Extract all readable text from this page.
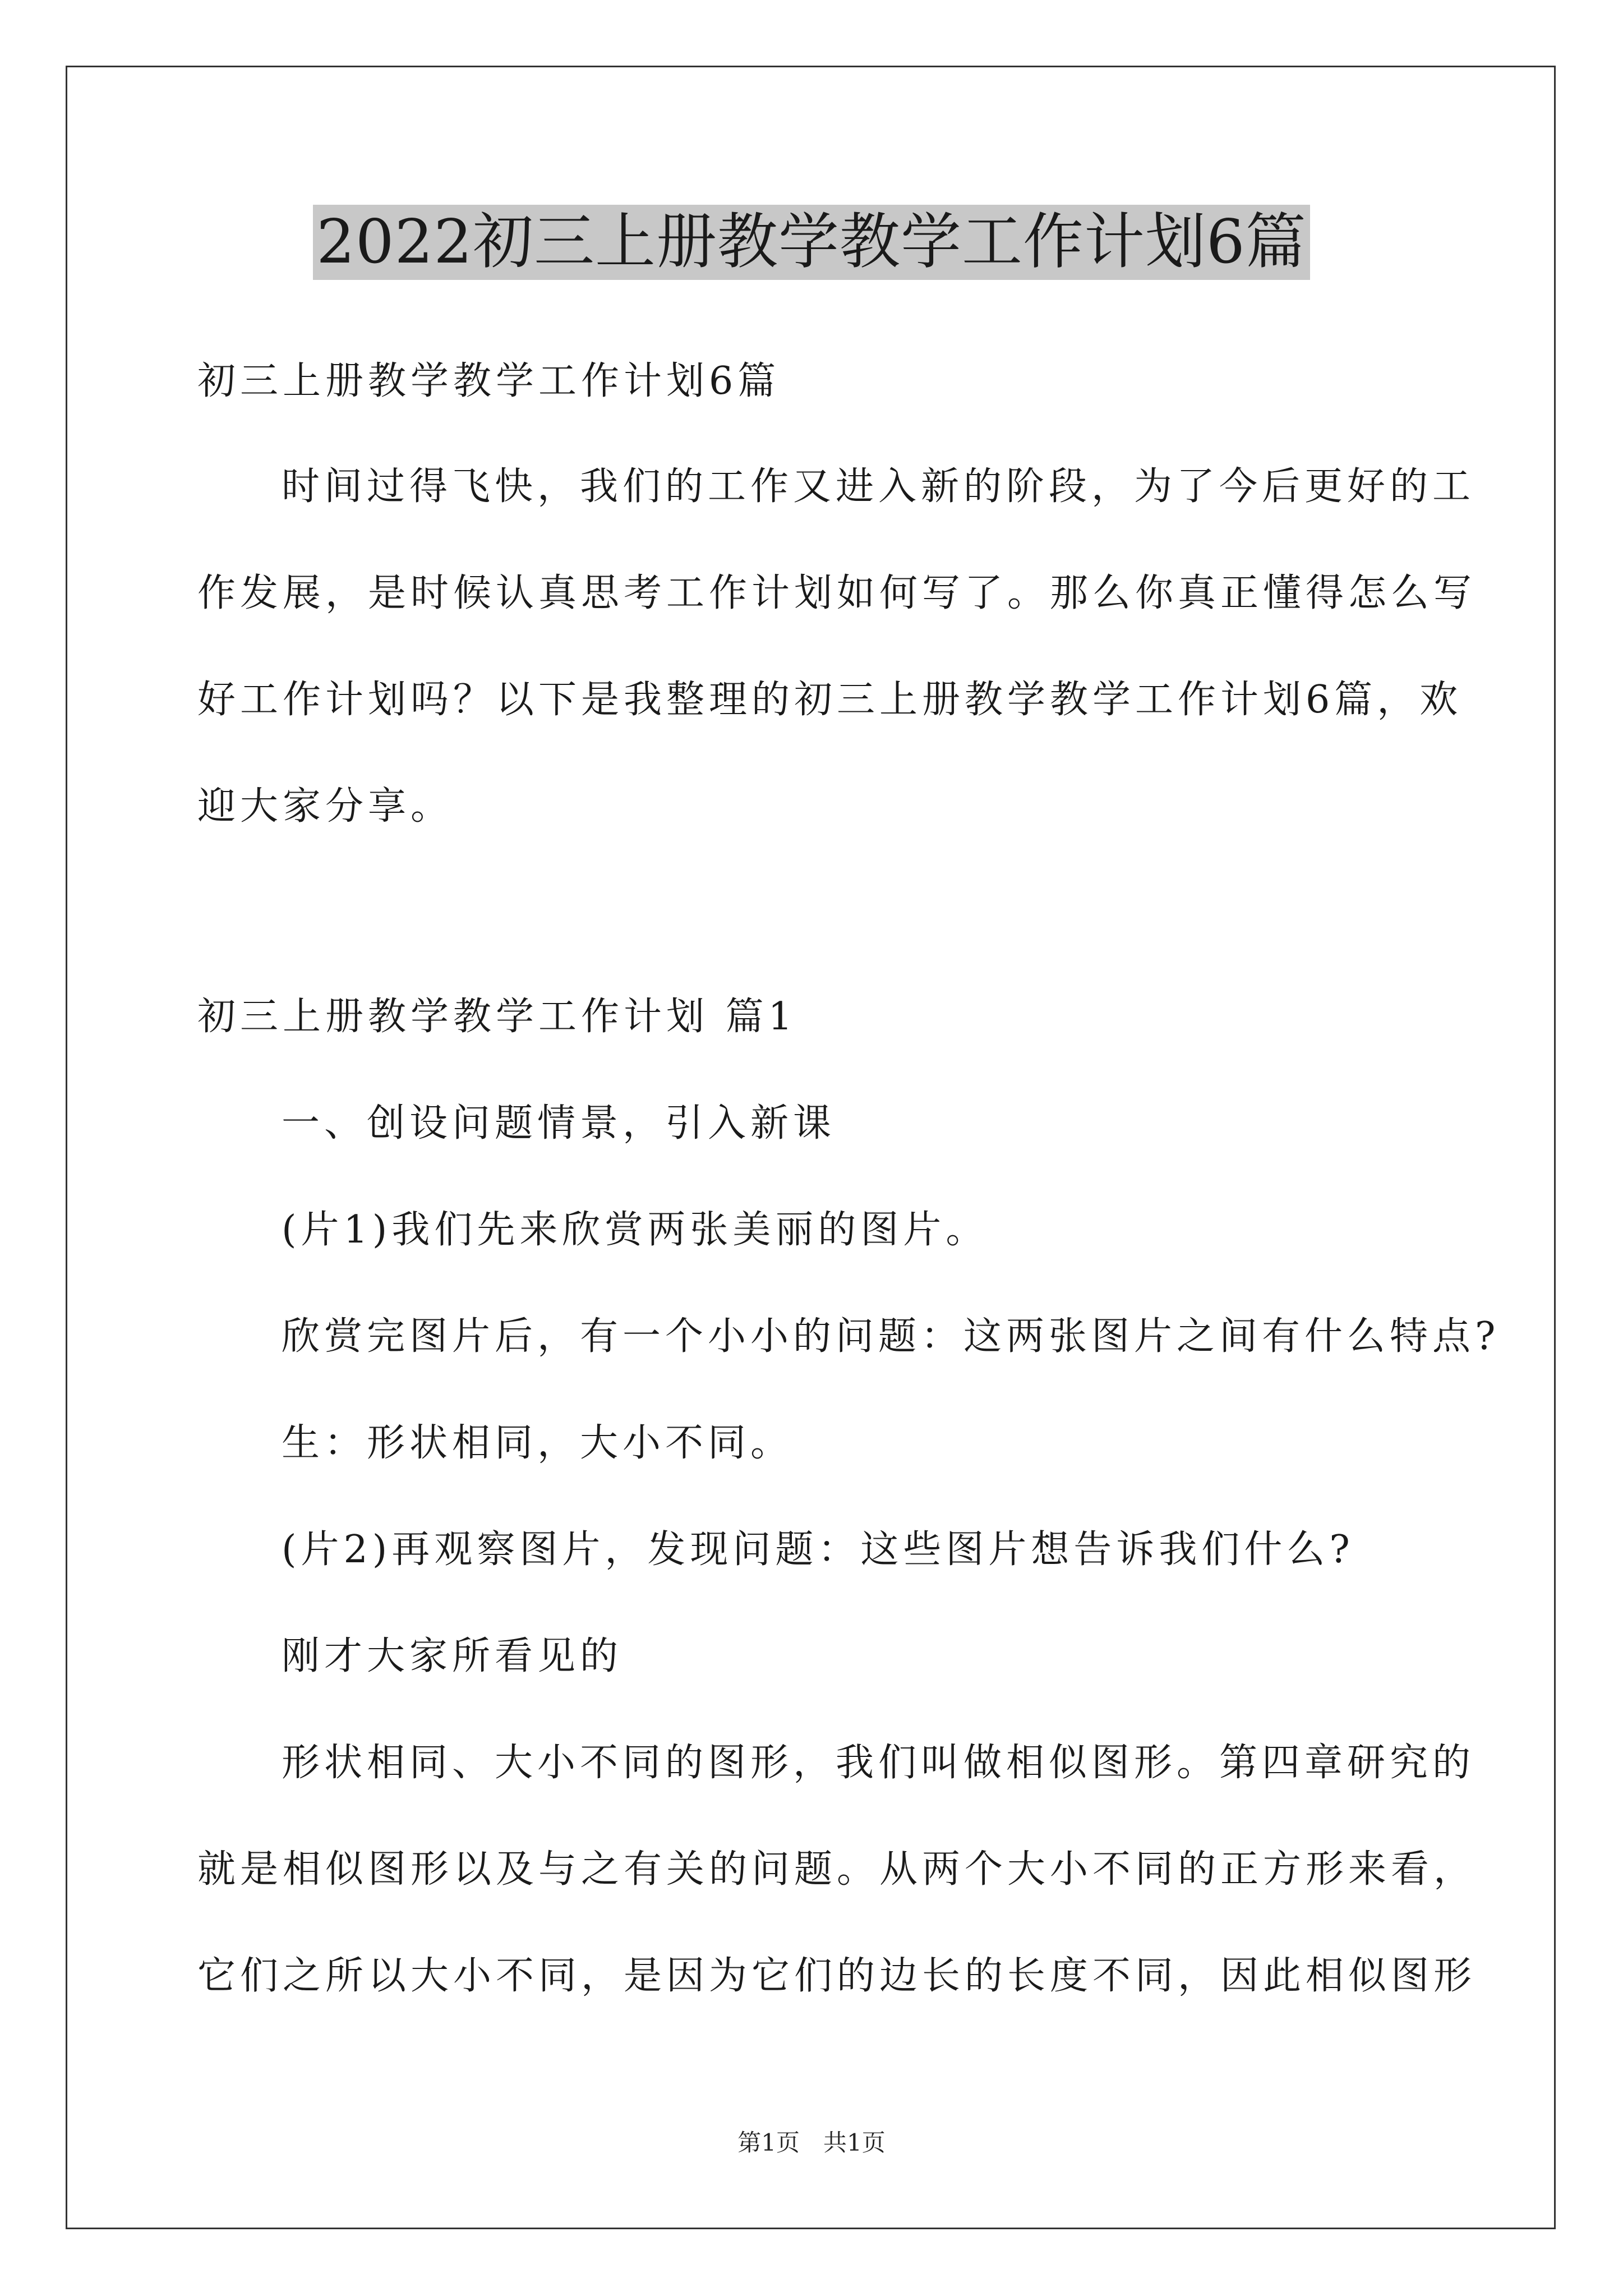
2022初三上册教学教学工作计划6篇
初三上册教学教学工作计划6篇
时间过得飞快，我们的工作又进入新的阶段，为了今后更好的工
作发展，是时候认真思考工作计划如何写了。那么你真正懂得怎么写
好工作计划吗？以下是我整理的初三上册教学教学工作计划6篇，欢
迎大家分享。
初三上册教学教学工作计划 篇1
一、创设问题情景，引入新课
(片1)我们先来欣赏两张美丽的图片。
欣赏完图片后，有一个小小的问题：这两张图片之间有什么特点?
生：形状相同，大小不同。
(片2)再观察图片，发现问题：这些图片想告诉我们什么?
刚才大家所看见的
形状相同、大小不同的图形，我们叫做相似图形。第四章研究的
就是相似图形以及与之有关的问题。从两个大小不同的正方形来看，
它们之所以大小不同，是因为它们的边长的长度不同，因此相似图形
第1页　共1页
